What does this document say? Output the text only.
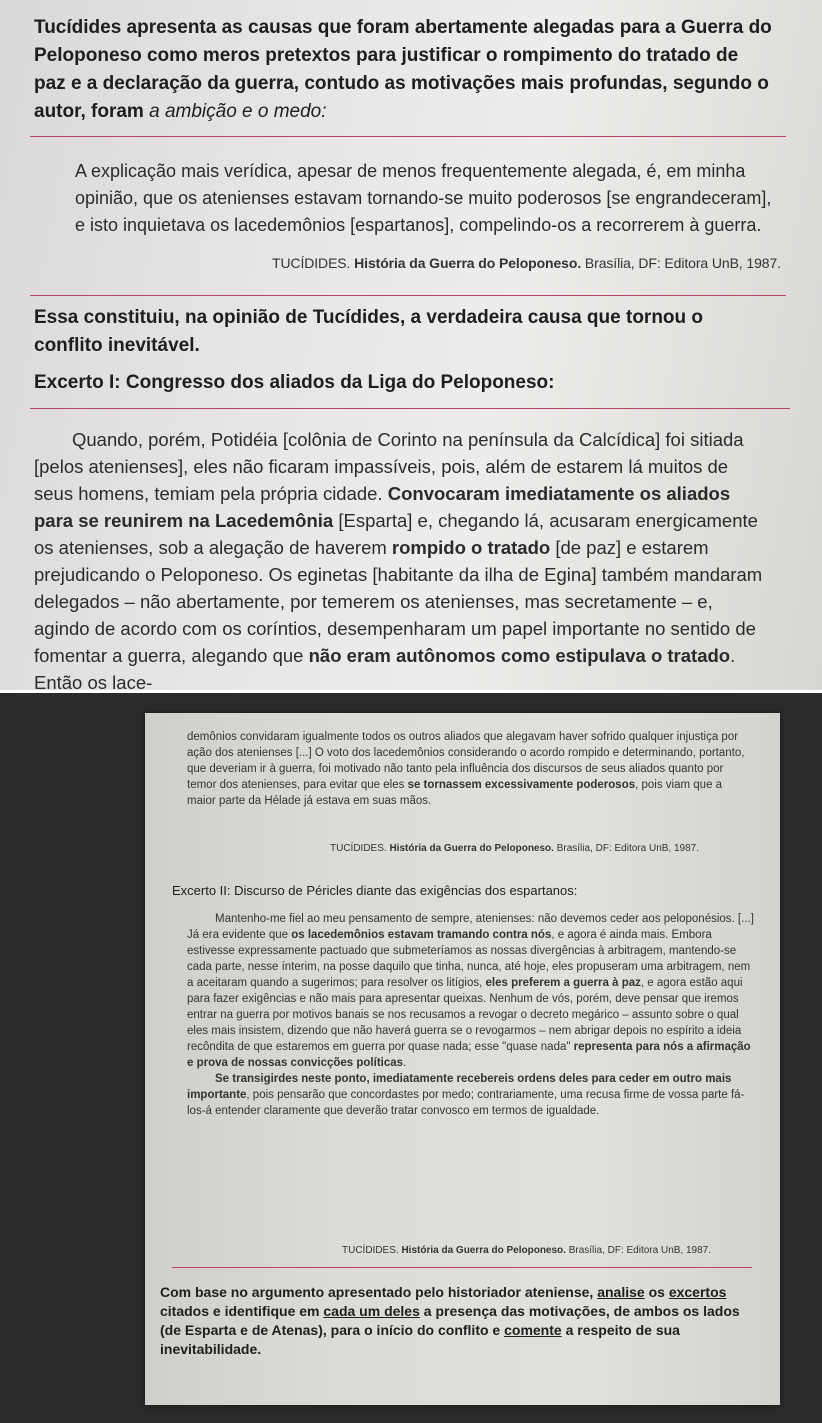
Tucídides apresenta as causas que foram abertamente alegadas para a Guerra do Peloponeso como meros pretextos para justificar o rompimento do tratado de paz e a declaração da guerra, contudo as motivações mais profundas, segundo o autor, foram a ambição e o medo:

A explicação mais verídica, apesar de menos frequentemente alegada, é, em minha opinião, que os atenienses estavam tornando-se muito poderosos [se engrandeceram], e isto inquietava os lacedemônios [espartanos], compelindo-os a recorrerem à guerra.

TUCÍDIDES. História da Guerra do Peloponeso. Brasília, DF: Editora UnB, 1987.

Essa constituiu, na opinião de Tucídides, a verdadeira causa que tornou o conflito inevitável.

Excerto I: Congresso dos aliados da Liga do Peloponeso:

Quando, porém, Potidéia [colônia de Corinto na península da Calcídica] foi sitiada [pelos atenienses], eles não ficaram impassíveis, pois, além de estarem lá muitos de seus homens, temiam pela própria cidade. Convocaram imediatamente os aliados para se reunirem na Lacedemônia [Esparta] e, chegando lá, acusaram energicamente os atenienses, sob a alegação de haverem rompido o tratado [de paz] e estarem prejudicando o Peloponeso. Os eginetas [habitante da ilha de Egina] também mandaram delegados – não abertamente, por temerem os atenienses, mas secretamente – e, agindo de acordo com os coríntios, desempenharam um papel importante no sentido de fomentar a guerra, alegando que não eram autônomos como estipulava o tratado. Então os lace-

demônios convidaram igualmente todos os outros aliados que alegavam haver sofrido qualquer injustiça por ação dos atenienses [...] O voto dos lacedemônios considerando o acordo rompido e determinando, portanto, que deveriam ir à guerra, foi motivado não tanto pela influência dos discursos de seus aliados quanto por temor dos atenienses, para evitar que eles se tornassem excessivamente poderosos, pois viam que a maior parte da Hélade já estava em suas mãos.

TUCÍDIDES. História da Guerra do Peloponeso. Brasília, DF: Editora UnB, 1987.

Excerto II: Discurso de Péricles diante das exigências dos espartanos:

Mantenho-me fiel ao meu pensamento de sempre, atenienses: não devemos ceder aos peloponésios. [...] Já era evidente que os lacedemônios estavam tramando contra nós, e agora é ainda mais. Embora estivesse expressamente pactuado que submeteríamos as nossas divergências à arbitragem, mantendo-se cada parte, nesse ínterim, na posse daquilo que tinha, nunca, até hoje, eles propuseram uma arbitragem, nem a aceitaram quando a sugerimos; para resolver os litígios, eles preferem a guerra à paz, e agora estão aqui para fazer exigências e não mais para apresentar queixas. Nenhum de vós, porém, deve pensar que iremos entrar na guerra por motivos banais se nos recusamos a revogar o decreto megárico – assunto sobre o qual eles mais insistem, dizendo que não haverá guerra se o revogarmos – nem abrigar depois no espírito a ideia recôndita de que estaremos em guerra por quase nada; esse "quase nada" representa para nós a afirmação e prova de nossas convicções políticas.
Se transigirdes neste ponto, imediatamente recebereis ordens deles para ceder em outro mais importante, pois pensarão que concordastes por medo; contrariamente, uma recusa firme de vossa parte fá-los-á entender claramente que deverão tratar convosco em termos de igualdade.

TUCÍDIDES. História da Guerra do Peloponeso. Brasília, DF: Editora UnB, 1987.

Com base no argumento apresentado pelo historiador ateniense, analise os excertos citados e identifique em cada um deles a presença das motivações, de ambos os lados (de Esparta e de Atenas), para o início do conflito e comente a respeito de sua inevitabilidade.
